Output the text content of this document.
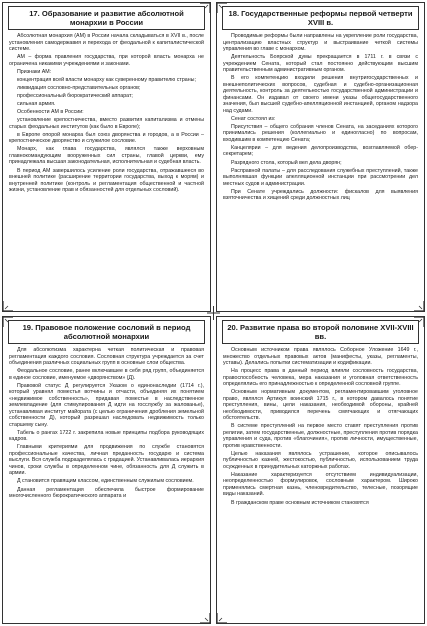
17. Образование и развитие абсолютной монархии в России

Абсолютная монархия (АМ) в России начала складываться в XVII в., после установления самодержавия и перехода от феодальной к капиталистической системе.

АМ – форма правления государства, при которой власть монарха не ограничена никакими учреждениями и законами.

Признаки АМ:

концентрация всей власти монарху как суверенному правителю страны;

ликвидация сословно-представительных органов;

профессиональный бюрократический аппарат;

сильная армия.

Особенности АМ в России:

установление крепостничества, вместо развития капитализма и отмены старых феодальных институтов (как было в Европе);

в Европе опорой монарха был союз дворянства и городов, а в России – крепостническое дворянство и служилое сословие.

Монарх, как глава государства, являлся также верховным главнокомандующим вооруженных сил страны, главой церкви, ему принадлежала высшая законодательная, исполнительная и судебная власть.

В период АМ завершилось усиление роли государства, отражавшееся во внешней политике (расширение территории государства, выход к морям) и внутренней политике (контроль и регламентация общественной и частной жизни, установление прав и обязанностей для отдельных сословий).

18. Государственные реформы первой четверти XVIII в.

Проводимые реформы были направлены на укрепление роли государства, централизацию властных структур и выстраивание четкой системы управления во главе с монархом.

Деятельность Боярской думы прекращается в 1711 г. в связи с учреждением Сената, который стал постоянно действующим высшим правительственным административным органом.

В его компетенцию входили решения внутригосударственных и внешнеполитических вопросов, судебная и судебно-организационная деятельность, контроль за деятельностью государственной администрации и финансами. Он издавал от своего имени указы общегосударственного значения, был высшей судебно-апелляционной инстанцией, органом надзора над судами.

Сенат состоял из:

Присутствия – общего собрания членов Сената, на заседаниях которого принимались решения (коллегиально и единогласно) по вопросам, входившим в компетенцию Сената;

Канцелярии – для ведения делопроизводства, возглавляемой обер-секретарем;

Разрядного стола, который вел дела дворян;

Расправной палаты – для расследования служебных преступлений, также выполнявшая функции апелляционной инстанции при рассмотрении дел местных судов и администрации.

При Сенате учреждались должности: фискалов для выявления взяточничества и хищений среди должностных лиц

19. Правовое положение сословий в период абсолютной монархии

Для абсолютизма характерна четкая политическая и правовая регламентация каждого сословия. Сословная структура учреждается за счет объединения различных социальных групп в основные слои общества.

Феодальное сословие, ранее включавшее в себя ряд групп, объединяется в единое сословие, именуемое «дворянством» (Д).

Правовой статус Д регулируется Указом о единонаследии (1714 г.), который уравнял поместья вотчины и отчасти, объединяя их понятием «недвижимое собственность», придавая поместье в наследственное землевладение (для стимулирования Д идти на госслужбу за жалованье), устанавливая институт майората (с целью ограничения дробления земельной собственности Д), который разрешал наследовать недвижимость только старшему сыну.

Табель о рангах 1722 г. закрепила новые принципы подбора руководящих кадров.

Главными критериями для продвижения по службе становятся профессиональные качества, личная преданность государю и система выслуги. Вся служба подразделялась с градацией. Устанавливалась иерархия чинов, сроки службы в определенном чине, обязанность для Д служить в армии.

Д становится правящим классом, единственным служилым сословием.

Данная регламентация обеспечила быстрое формирование многочисленного бюрократического аппарата и

20. Развитие права во второй половине XVII-XVIII вв.

Основным источником права являлось Соборное Уложение 1649 г., множество отдельных правовых актов (манифесты, указы, регламенты, уставы). Делались попытки систематизации и кодификации.

На процесс права в данный период влияли сословность государства, правоспособность человека, мера наказания и уголовная ответственность определялись его принадлежностью к определенной сословной группе.

Основным нормативным документом, регламентировавшим уголовное право, являлся Артикул воинский 1715 г., в котором давалось понятие преступления, вины, цели наказания, необходимой обороны, крайней необходимости, приводился перечень смягчающих и отягчающих обстоятельств.

В системе преступлений на первое место ставят преступления против религии, затем государственные, должностные, преступления против порядка управления и суда, против «благочиния», против личности, имущественные, против нравственности.

Целью наказания являлось устрашение, которое описывалось публичностью казней, жестокостью, публичностью, использованием труда осужденных в принудительных каторжных работах.

Наказание характеризуется отсутствием индивидуализации, неопределенностью формулировок, сословным характером. Широко применялись смертная казнь, членовредительство, телесные, позорящие виды наказаний.

В гражданском праве основным источником становятся
